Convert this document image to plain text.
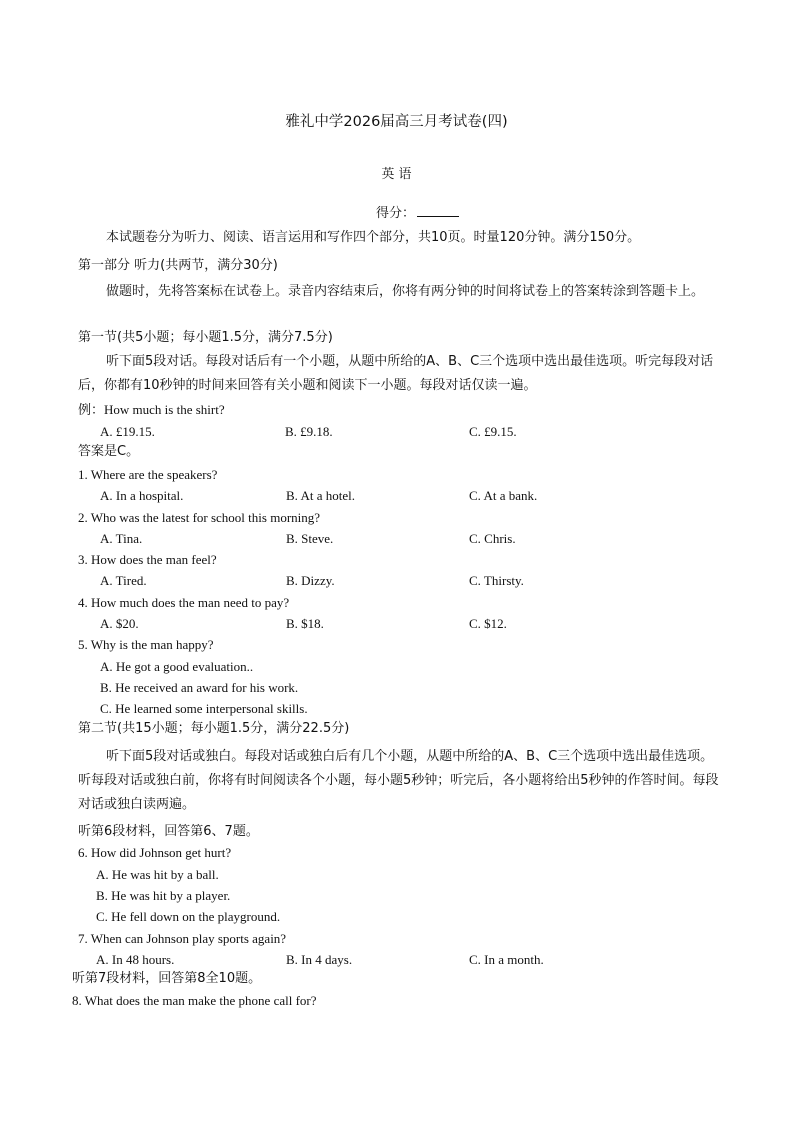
雅礼中学2026届高三月考试卷(四)
英 语
得分：
本试题卷分为听力、阅读、语言运用和写作四个部分，共10页。时量120分钟。满分150分。
第一部分 听力(共两节，满分30分)
做题时，先将答案标在试卷上。录音内容结束后，你将有两分钟的时间将试卷上的答案转涂到答题卡上。
第一节(共5小题；每小题1.5分，满分7.5分)
听下面5段对话。每段对话后有一个小题，从题中所给的A、B、C三个选项中选出最佳选项。听完每段对话后，你都有10秒钟的时间来回答有关小题和阅读下一小题。每段对话仅读一遍。
例：How much is the shirt?
A. £19.15.	B. £9.18.	C. £9.15.
答案是C。
1. Where are the speakers?
A. In a hospital.	B. At a hotel.	C. At a bank.
2. Who was the latest for school this morning?
A. Tina.	B. Steve.	C. Chris.
3. How does the man feel?
A. Tired.	B. Dizzy.	C. Thirsty.
4. How much does the man need to pay?
A. $20.	B. $18.	C. $12.
5. Why is the man happy?
A. He got a good evaluation..
B. He received an award for his work.
C. He learned some interpersonal skills.
第二节(共15小题；每小题1.5分，满分22.5分)
听下面5段对话或独白。每段对话或独白后有几个小题，从题中所给的A、B、C三个选项中选出最佳选项。听每段对话或独白前，你将有时间阅读各个小题，每小题5秒钟；听完后，各小题将给出5秒钟的作答时间。每段对话或独白读两遍。
听第6段材料，回答第6、7题。
6. How did Johnson get hurt?
A. He was hit by a ball.
B. He was hit by a player.
C. He fell down on the playground.
7. When can Johnson play sports again?
A. In 48 hours.	B. In 4 days.	C. In a month.
听第7段材料，回答第8全10题。
8. What does the man make the phone call for?
